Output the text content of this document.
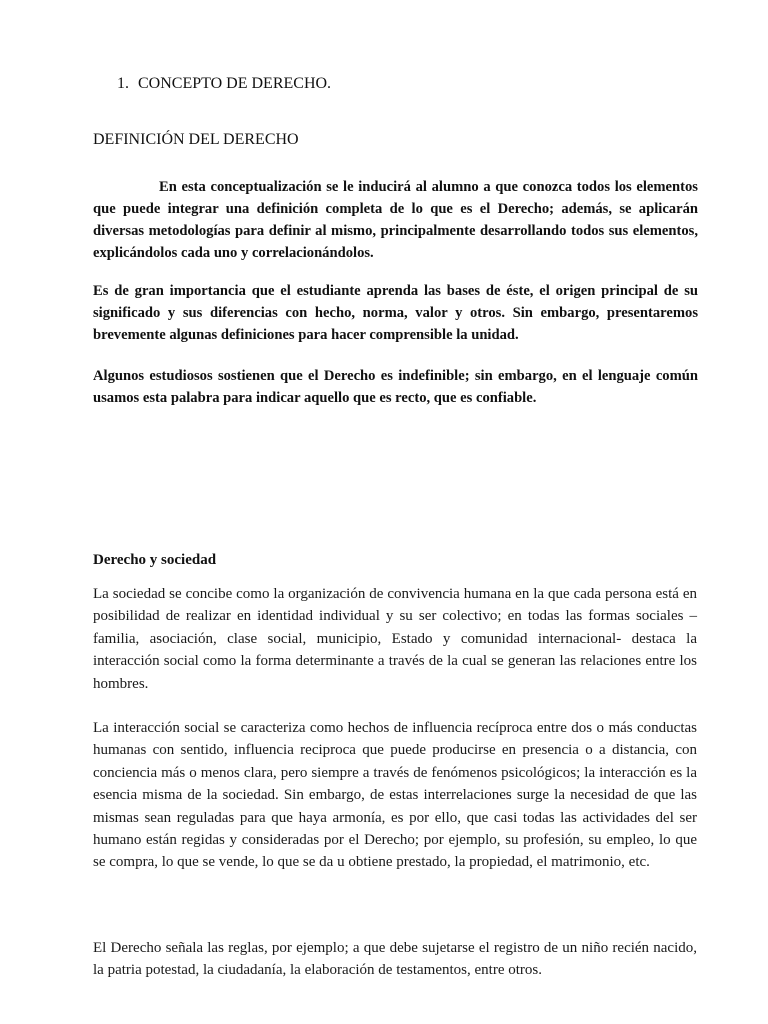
1. CONCEPTO DE DERECHO.
DEFINICIÓN DEL DERECHO

En esta conceptualización se le inducirá al alumno a que conozca todos los elementos que puede integrar una definición completa de lo que es el Derecho; además, se aplicarán diversas metodologías para definir al mismo, principalmente desarrollando todos sus elementos, explicándolos cada uno y correlacionándolos.

Es de gran importancia que el estudiante aprenda las bases de éste, el origen principal de su significado y sus diferencias con hecho, norma, valor y otros. Sin embargo, presentaremos brevemente algunas definiciones para hacer comprensible la unidad.

Algunos estudiosos sostienen que el Derecho es indefinible; sin embargo, en el lenguaje común usamos esta palabra para indicar aquello que es recto, que es confiable.

Derecho y sociedad

La sociedad se concibe como la organización de convivencia humana en la que cada persona está en posibilidad de realizar en identidad individual y su ser colectivo; en todas las formas sociales –familia, asociación, clase social, municipio, Estado y comunidad internacional- destaca la interacción social como la forma determinante a través de la cual se generan las relaciones entre los hombres.

La interacción social se caracteriza como hechos de influencia recíproca entre dos o más conductas humanas con sentido, influencia reciproca que puede producirse en presencia o a distancia, con conciencia más o menos clara, pero siempre a través de fenómenos psicológicos; la interacción es la esencia misma de la sociedad. Sin embargo, de estas interrelaciones surge la necesidad de que las mismas sean reguladas para que haya armonía, es por ello, que casi todas las actividades del ser humano están regidas y consideradas por el Derecho; por ejemplo, su profesión, su empleo, lo que se compra, lo que se vende, lo que se da u obtiene prestado, la propiedad, el matrimonio, etc.

El Derecho señala las reglas, por ejemplo; a que debe sujetarse el registro de un niño recién nacido, la patria potestad, la ciudadanía, la elaboración de testamentos, entre otros.
